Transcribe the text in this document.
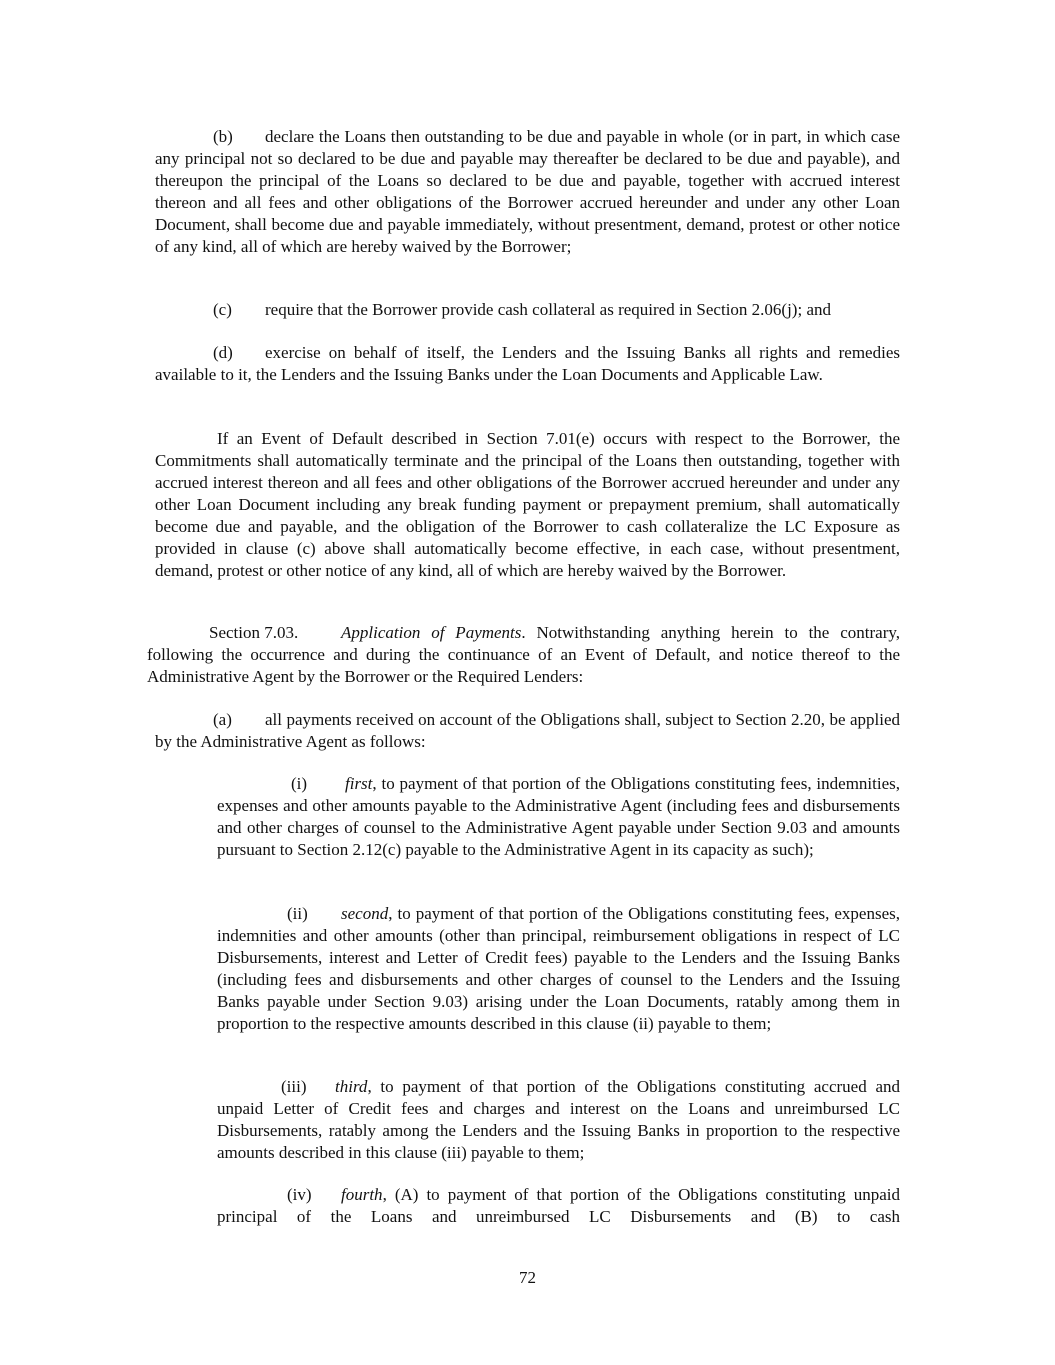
(b) declare the Loans then outstanding to be due and payable in whole (or in part, in which case any principal not so declared to be due and payable may thereafter be declared to be due and payable), and thereupon the principal of the Loans so declared to be due and payable, together with accrued interest thereon and all fees and other obligations of the Borrower accrued hereunder and under any other Loan Document, shall become due and payable immediately, without presentment, demand, protest or other notice of any kind, all of which are hereby waived by the Borrower;

(c) require that the Borrower provide cash collateral as required in Section 2.06(j); and

(d) exercise on behalf of itself, the Lenders and the Issuing Banks all rights and remedies available to it, the Lenders and the Issuing Banks under the Loan Documents and Applicable Law.

If an Event of Default described in Section 7.01(e) occurs with respect to the Borrower, the Commitments shall automatically terminate and the principal of the Loans then outstanding, together with accrued interest thereon and all fees and other obligations of the Borrower accrued hereunder and under any other Loan Document including any break funding payment or prepayment premium, shall automatically become due and payable, and the obligation of the Borrower to cash collateralize the LC Exposure as provided in clause (c) above shall automatically become effective, in each case, without presentment, demand, protest or other notice of any kind, all of which are hereby waived by the Borrower.

Section 7.03.	Application of Payments. Notwithstanding anything herein to the contrary, following the occurrence and during the continuance of an Event of Default, and notice thereof to the Administrative Agent by the Borrower or the Required Lenders:

(a) all payments received on account of the Obligations shall, subject to Section 2.20, be applied by the Administrative Agent as follows:

(i) first, to payment of that portion of the Obligations constituting fees, indemnities, expenses and other amounts payable to the Administrative Agent (including fees and disbursements and other charges of counsel to the Administrative Agent payable under Section 9.03 and amounts pursuant to Section 2.12(c) payable to the Administrative Agent in its capacity as such);

(ii) second, to payment of that portion of the Obligations constituting fees, expenses, indemnities and other amounts (other than principal, reimbursement obligations in respect of LC Disbursements, interest and Letter of Credit fees) payable to the Lenders and the Issuing Banks (including fees and disbursements and other charges of counsel to the Lenders and the Issuing Banks payable under Section 9.03) arising under the Loan Documents, ratably among them in proportion to the respective amounts described in this clause (ii) payable to them;

(iii) third, to payment of that portion of the Obligations constituting accrued and unpaid Letter of Credit fees and charges and interest on the Loans and unreimbursed LC Disbursements, ratably among the Lenders and the Issuing Banks in proportion to the respective amounts described in this clause (iii) payable to them;

(iv) fourth, (A) to payment of that portion of the Obligations constituting unpaid principal of the Loans and unreimbursed LC Disbursements and (B) to cash

72
